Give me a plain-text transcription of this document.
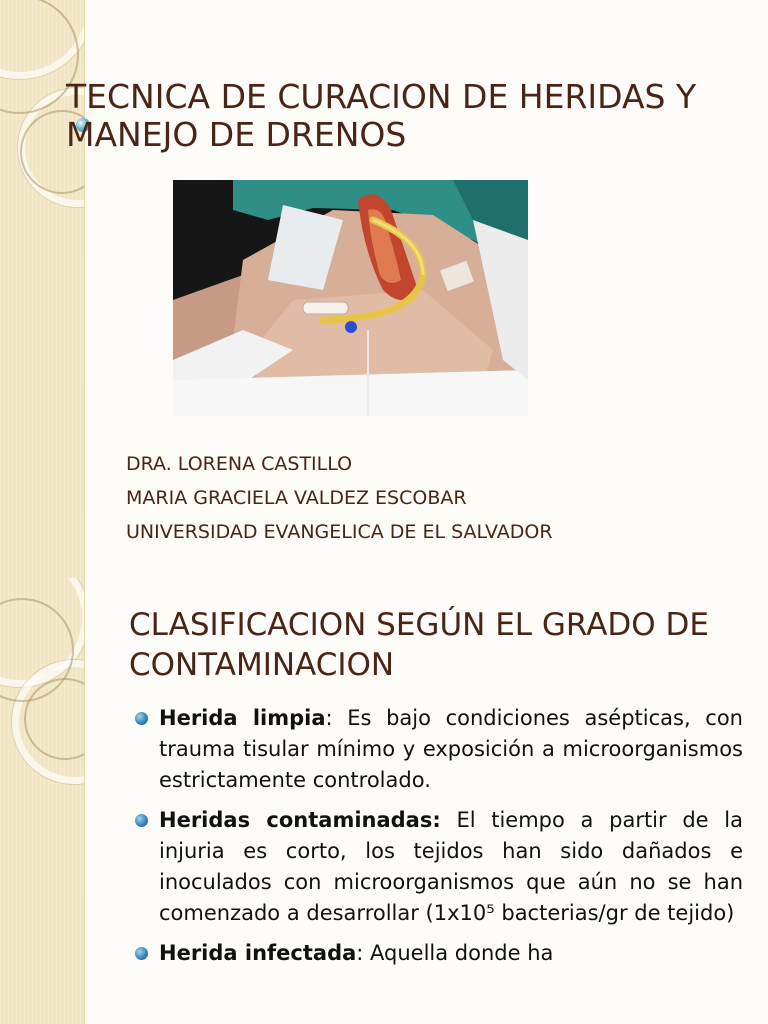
TECNICA DE CURACION DE HERIDAS Y MANEJO DE DRENOS
DRA. LORENA CASTILLO
MARIA GRACIELA VALDEZ ESCOBAR
UNIVERSIDAD EVANGELICA DE EL SALVADOR
CLASIFICACION SEGÚN EL GRADO DE CONTAMINACION
Herida limpia: Es bajo condiciones asépticas, con trauma tisular mínimo y exposición a microorganismos estrictamente controlado.
Heridas contaminadas: El tiempo a partir de la injuria es corto, los tejidos han sido dañados e inoculados con microorganismos que aún no se han comenzado a desarrollar (1x10⁵ bacterias/gr de tejido)
Herida infectada: Aquella donde ha
